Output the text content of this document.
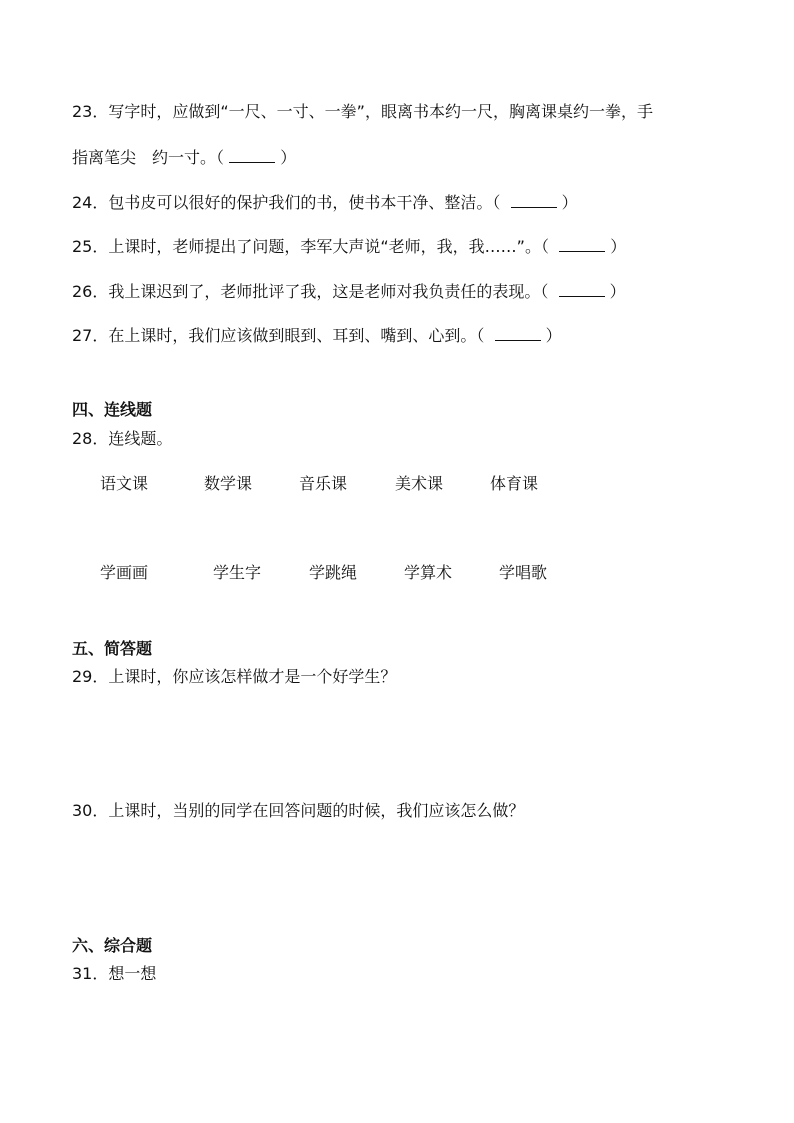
23．写字时，应做到“一尺、一寸、一拳”，眼离书本约一尺，胸离课桌约一拳，手
指离笔尖　约一寸。（	）
24．包书皮可以很好的保护我们的书，使书本干净、整洁。（	）
25．上课时，老师提出了问题，李军大声说“老师，我，我……”。（	）
26．我上课迟到了，老师批评了我，这是老师对我负责任的表现。（	）
27．在上课时，我们应该做到眼到、耳到、嘴到、心到。（	）
四、连线题
28．连线题。
语文课	数学课	音乐课	美术课	体育课
学画画	学生字	学跳绳	学算术	学唱歌
五、简答题
29．上课时，你应该怎样做才是一个好学生？
30．上课时，当别的同学在回答问题的时候，我们应该怎么做？
六、综合题
31．想一想
